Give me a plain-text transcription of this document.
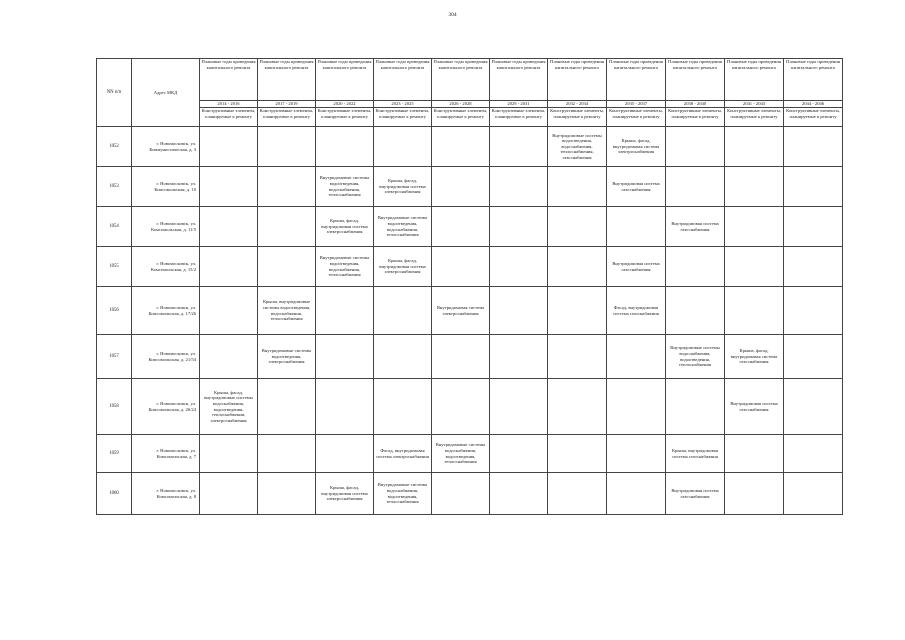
304
NN п/п	Адрес МКД	Плановые годы проведения капитального ремонта	Плановые годы проведения капитального ремонта	Плановые годы проведения капитального ремонта	Плановые годы проведения капитального ремонта	Плановые годы проведения капитального ремонта	Плановые годы проведения капитального ремонта	Плановые годы проведения капитального ремонта	Плановые годы проведения капитального ремонта	Плановые годы проведения капитального ремонта	Плановые годы проведения капитального ремонта	Плановые годы проведения капитального ремонта
		2014 - 2016	2017 - 2019	2020 - 2022	2023 - 2025	2026 - 2028	2029 - 2031	2032 - 2034	2035 - 2037	2038 - 2040	2041 - 2043	2044 - 2046
		Конструктивные элементы, планируемые к ремонту	Конструктивные элементы, планируемые к ремонту	Конструктивные элементы, планируемые к ремонту	Конструктивные элементы, планируемые к ремонту	Конструктивные элементы, планируемые к ремонту	Конструктивные элементы, планируемые к ремонту	Конструктивные элементы, планируемые к ремонту	Конструктивные элементы, планируемые к ремонту	Конструктивные элементы, планируемые к ремонту	Конструктивные элементы, планируемые к ремонту	Конструктивные элементы, планируемые к ремонту
1052	г. Новомосковск, ул. Коммунистическая, д. 3							Внутридомовые системы водоотведения, водоснабжения, теплоснабжения, газоснабжения	Крыша, фасад, внутридомовая система электроснабжения			
1053	г. Новомосковск, ул. Комсомольская, д. 10			Внутридомовые системы водоотведения, водоснабжения, теплоснабжения	Крыша, фасад, внутридомовая система электроснабжения				Внутридомовая система газоснабжения			
1054	г. Новомосковск, ул. Комсомольская, д. 11/5			Крыша, фасад, внутридомовая система электроснабжения	Внутридомовые системы водоотведения, водоснабжения, теплоснабжения					Внутридомовая система газоснабжения		
1055	г. Новомосковск, ул. Комсомольская, д. 15/2			Внутридомовые системы водоотведения, водоснабжения, теплоснабжения	Крыша, фасад, внутридомовая система электроснабжения				Внутридомовая система газоснабжения			
1056	г. Новомосковск, ул. Комсомольская, д. 17/26		Крыша, внутридомовые системы водоотведения, водоснабжения, теплоснабжения			Внутридомовая система электроснабжения			Фасад, внутридомовая система газоснабжения			
1057	г. Новомосковск, ул. Комсомольская, д. 21/54		Внутридомовые системы водоотведения, электроснабжения							Внутридомовые системы водоснабжения, водоотведения, теплоснабжения	Крыша, фасад, внутридомовая система газоснабжения	
1058	г. Новомосковск, ул. Комсомольская, д. 26/24	Крыша, фасад, внутридомовые системы водоснабжения, водоотведения, теплоснабжения, электроснабжения									Внутридомовая система газоснабжения	
1059	г. Новомосковск, ул. Комсомольская, д. 7				Фасад, внутридомовая система электроснабжения	Внутридомовые системы водоснабжения, водоотведения, теплоснабжения				Крыша, внутридомовая система газоснабжения		
1060	г. Новомосковск, ул. Комсомольская, д. 8			Крыша, фасад, внутридомовая система электроснабжения	Внутридомовые системы водоснабжения, водоотведения, теплоснабжения					Внутридомовая система газоснабжения		
